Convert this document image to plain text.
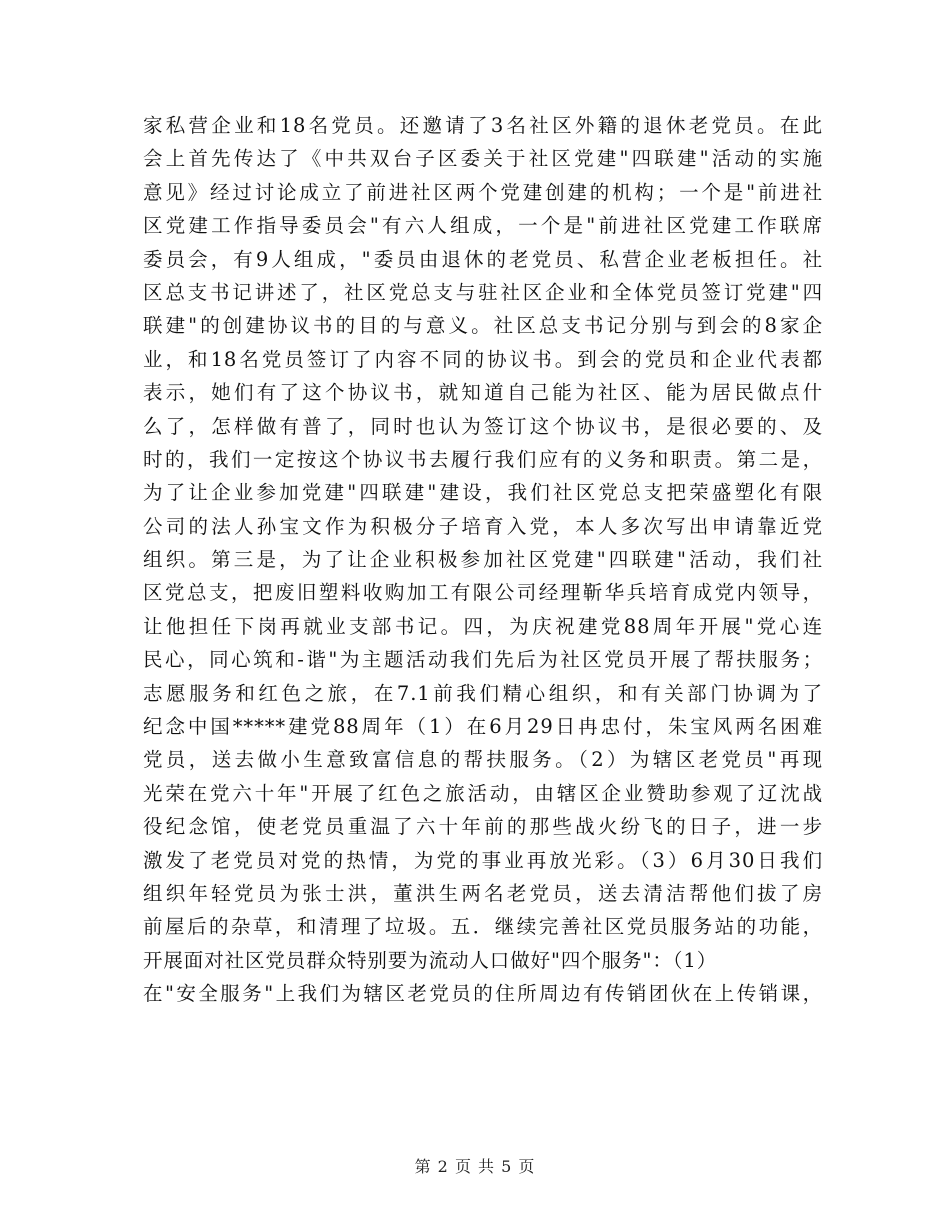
家私营企业和18名党员。还邀请了3名社区外籍的退休老党员。在此
会上首先传达了《中共双台子区委关于社区党建"四联建"活动的实施
意见》经过讨论成立了前进社区两个党建创建的机构；一个是"前进社
区党建工作指导委员会"有六人组成，一个是"前进社区党建工作联席
委员会，有9人组成，"委员由退休的老党员、私营企业老板担任。社
区总支书记讲述了，社区党总支与驻社区企业和全体党员签订党建"四
联建"的创建协议书的目的与意义。社区总支书记分别与到会的8家企
业，和18名党员签订了内容不同的协议书。到会的党员和企业代表都
表示，她们有了这个协议书，就知道自己能为社区、能为居民做点什
么了，怎样做有普了，同时也认为签订这个协议书，是很必要的、及
时的，我们一定按这个协议书去履行我们应有的义务和职责。第二是，
为了让企业参加党建"四联建"建设，我们社区党总支把荣盛塑化有限
公司的法人孙宝文作为积极分子培育入党，本人多次写出申请靠近党
组织。第三是，为了让企业积极参加社区党建"四联建"活动，我们社
区党总支，把废旧塑料收购加工有限公司经理靳华兵培育成党内领导，
让他担任下岗再就业支部书记。四，为庆祝建党88周年开展"党心连
民心，同心筑和-谐"为主题活动我们先后为社区党员开展了帮扶服务；
志愿服务和红色之旅，在7.1前我们精心组织，和有关部门协调为了
纪念中国*****建党88周年（1）在6月29日冉忠付，朱宝风两名困难
党员，送去做小生意致富信息的帮扶服务。（2）为辖区老党员"再现
光荣在党六十年"开展了红色之旅活动，由辖区企业赞助参观了辽沈战
役纪念馆，使老党员重温了六十年前的那些战火纷飞的日子，进一步
激发了老党员对党的热情，为党的事业再放光彩。（3）6月30日我们
组织年轻党员为张士洪，董洪生两名老党员，送去清洁帮他们拔了房
前屋后的杂草，和清理了垃圾。五．继续完善社区党员服务站的功能，
开展面对社区党员群众特别要为流动人口做好"四个服务"：（1）
在"安全服务"上我们为辖区老党员的住所周边有传销团伙在上传销课，
第 2 页 共 5 页
